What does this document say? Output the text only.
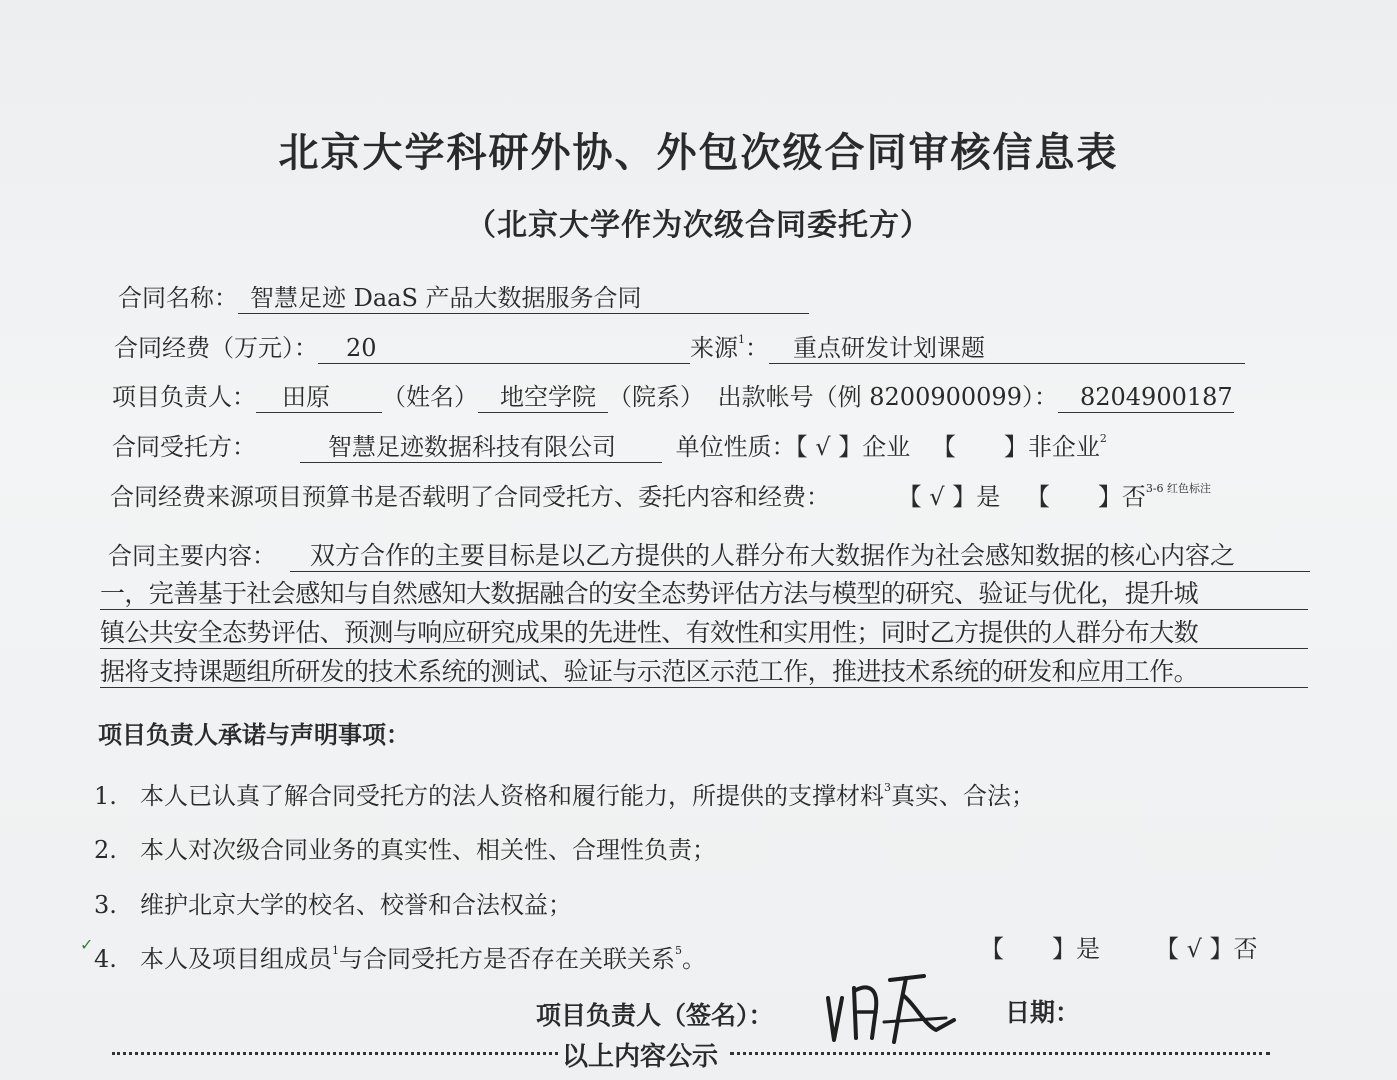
北京大学科研外协、外包次级合同审核信息表
（北京大学作为次级合同委托方）
合同名称： 智慧足迹 DaaS 产品大数据服务合同
合同经费（万元）： 20	来源$^1$： 重点研发计划课题
项目负责人： 田原 （姓名） 地空学院 （院系） 出款帐号（例 8200900099）： 8204900187
合同受托方：	智慧足迹数据科技有限公司 单位性质：【 √ 】企业 【　　】非企业$^2$
合同经费来源项目预算书是否载明了合同受托方、委托内容和经费：	【 √ 】是 【　　】否$^{3-6 红色标注}$
合同主要内容：	双方合作的主要目标是以乙方提供的人群分布大数据作为社会感知数据的核心内容之
一，完善基于社会感知与自然感知大数据融合的安全态势评估方法与模型的研究、验证与优化，提升城
镇公共安全态势评估、预测与响应研究成果的先进性、有效性和实用性；同时乙方提供的人群分布大数
据将支持课题组所研发的技术系统的测试、验证与示范区示范工作，推进技术系统的研发和应用工作。
项目负责人承诺与声明事项：
1. 本人已认真了解合同受托方的法人资格和履行能力，所提供的支撑材料$^3$真实、合法；
2. 本人对次级合同业务的真实性、相关性、合理性负责；
3. 维护北京大学的校名、校誉和合法权益；
✓
4. 本人及项目组成员$^1$与合同受托方是否存在关联关系$^5$。	【　　】是 【 √ 】否
项目负责人（签名）：	日期：
以上内容公示
